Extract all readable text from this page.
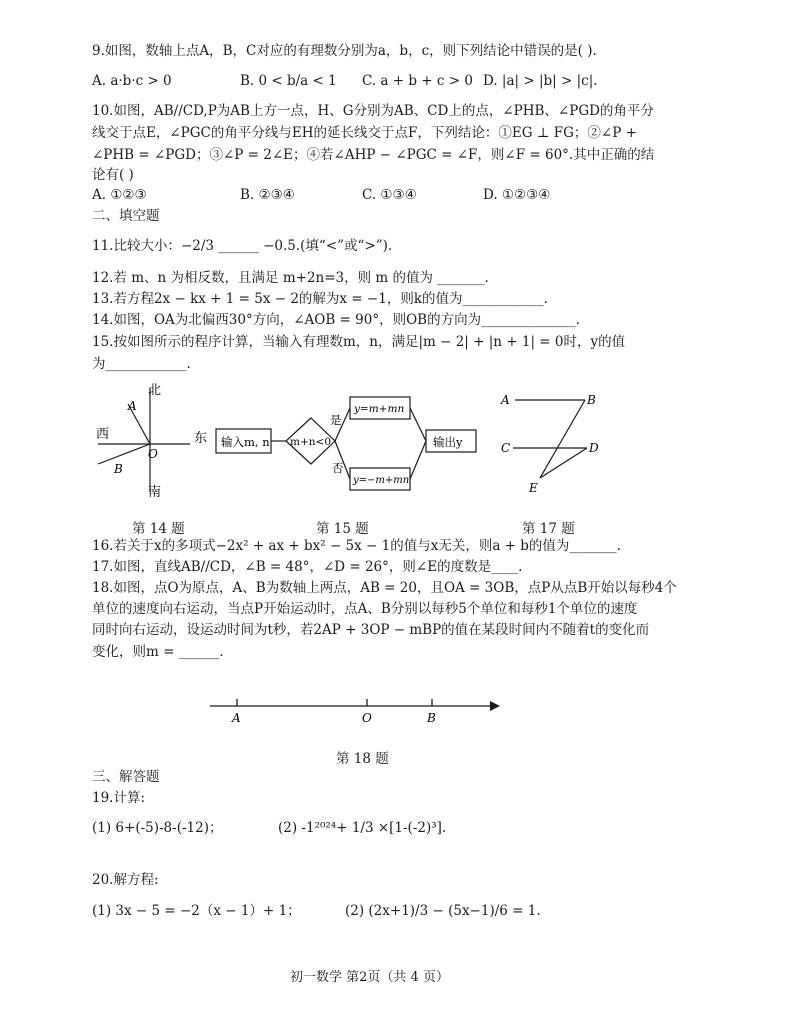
9.如图，数轴上点A，B，C对应的有理数分别为a，b，c，则下列结论中错误的是( ).
A. a·b·c > 0	B. 0 < b/a < 1 C. a + b + c > 0 D. |a| > |b| > |c|.
10.如图，AB//CD,P为AB上方一点，H、G分别为AB、CD上的点，∠PHB、∠PGD的角平分
线交于点E，∠PGC的角平分线与EH的延长线交于点F，下列结论：①EG ⊥ FG；②∠P +
∠PHB = ∠PGD；③∠P = 2∠E；④若∠AHP − ∠PGC = ∠F，则∠F = 60°.其中正确的结
论有( )
A. ①②③	B. ②③④	C. ①③④	D. ①②③④
二、填空题
11.比较大小：−2/3 ______ −0.5.(填“<”或“>”).
12.若 m、n 为相反数，且满足 m+2n=3，则 m 的值为 _______.
13.若方程2x − kx + 1 = 5x − 2的解为x = −1，则k的值为____________.
14.如图，OA为北偏西30°方向，∠AOB = 90°，则OB的方向为______________.
15.按如图所示的程序计算，当输入有理数m，n，满足|m − 2| + |n + 1| = 0时，y的值
为____________.
北
南
西	东
A
B
O
输入m, n m+n<0
是
否
y=m+mn
y=−m+mn
输出y
A	B
C	D
E
第 14 题	第 15 题	第 17 题
16.若关于x的多项式−2x² + ax + bx² − 5x − 1的值与x无关，则a + b的值为_______.
17.如图，直线AB//CD，∠B = 48°，∠D = 26°，则∠E的度数是____.
18.如图，点O为原点，A、B为数轴上两点，AB = 20，且OA = 3OB，点P从点B开始以每秒4个
单位的速度向右运动，当点P开始运动时，点A、B分别以每秒5个单位和每秒1个单位的速度
同时向右运动，设运动时间为t秒，若2AP + 3OP − mBP的值在某段时间内不随着t的变化而
变化，则m = ______.
A	O	B
第 18 题
三、解答题
19.计算:
(1) 6+(-5)-8-(-12)；	(2) -1²⁰²⁴+ 1/3 ×[1-(-2)³].
20.解方程:
(1) 3x − 5 = −2（x − 1）+ 1；	(2) (2x+1)/3 − (5x−1)/6 = 1.
初一数学 第2页（共 4 页）
